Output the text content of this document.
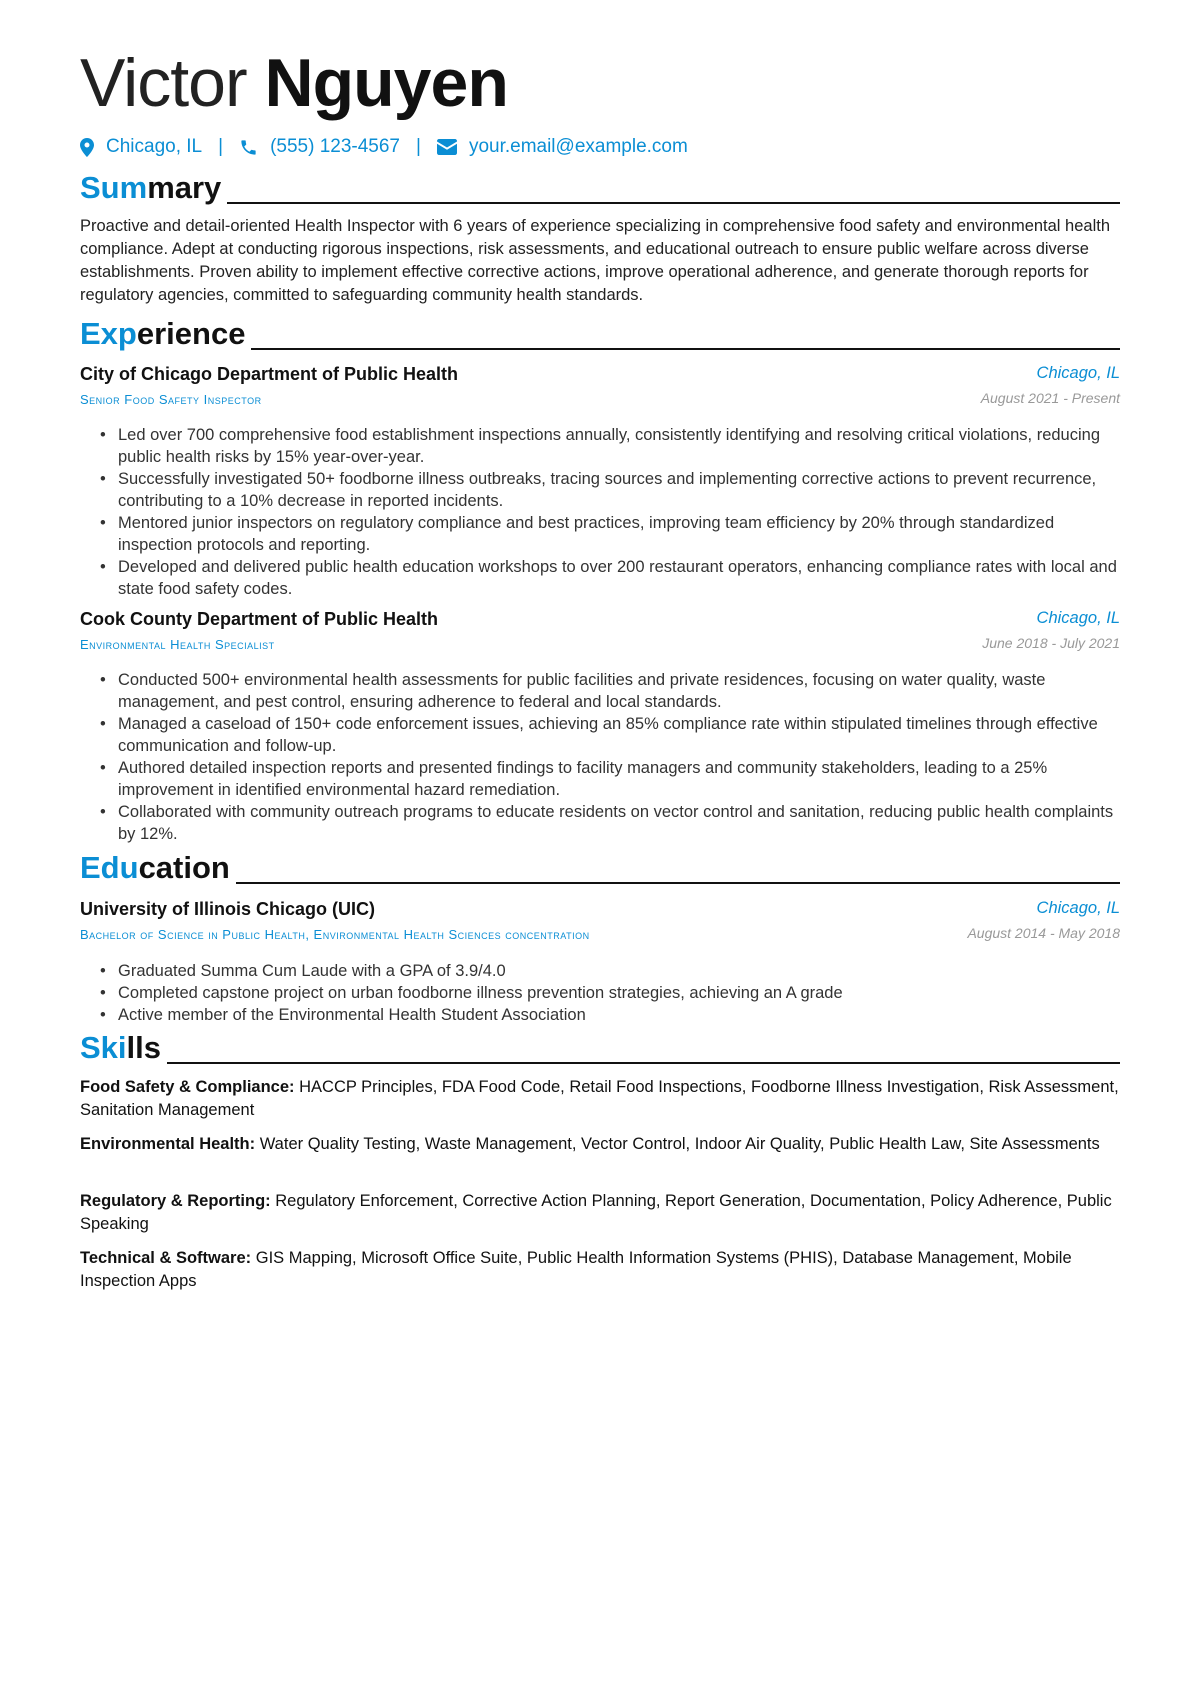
Victor Nguyen
Chicago, IL | (555) 123-4567 |	your.email@example.com
Summary

Proactive and detail-oriented Health Inspector with 6 years of experience specializing in comprehensive food safety and environmental health compliance. Adept at conducting rigorous inspections, risk assessments, and educational outreach to ensure public welfare across diverse establishments. Proven ability to implement effective corrective actions, improve operational adherence, and generate thorough reports for regulatory agencies, committed to safeguarding community health standards.

Experience
City of Chicago Department of Public Health	Chicago, IL
Senior Food Safety Inspector	August 2021 - Present
• Led over 700 comprehensive food establishment inspections annually, consistently identifying and resolving critical violations, reducing public health risks by 15% year-over-year.
• Successfully investigated 50+ foodborne illness outbreaks, tracing sources and implementing corrective actions to prevent recurrence, contributing to a 10% decrease in reported incidents.
• Mentored junior inspectors on regulatory compliance and best practices, improving team efficiency by 20% through standardized inspection protocols and reporting.
• Developed and delivered public health education workshops to over 200 restaurant operators, enhancing compliance rates with local and state food safety codes.
Cook County Department of Public Health	Chicago, IL
Environmental Health Specialist	June 2018 - July 2021
• Conducted 500+ environmental health assessments for public facilities and private residences, focusing on water quality, waste management, and pest control, ensuring adherence to federal and local standards.
• Managed a caseload of 150+ code enforcement issues, achieving an 85% compliance rate within stipulated timelines through effective communication and follow-up.
• Authored detailed inspection reports and presented findings to facility managers and community stakeholders, leading to a 25% improvement in identified environmental hazard remediation.
• Collaborated with community outreach programs to educate residents on vector control and sanitation, reducing public health complaints by 12%.
Education
University of Illinois Chicago (UIC)	Chicago, IL
Bachelor of Science in Public Health, Environmental Health Sciences concentration	August 2014 - May 2018
• Graduated Summa Cum Laude with a GPA of 3.9/4.0
• Completed capstone project on urban foodborne illness prevention strategies, achieving an A grade
• Active member of the Environmental Health Student Association
Skills
Food Safety & Compliance: HACCP Principles, FDA Food Code, Retail Food Inspections, Foodborne Illness Investigation, Risk Assessment, Sanitation Management
Environmental Health: Water Quality Testing, Waste Management, Vector Control, Indoor Air Quality, Public Health Law, Site Assessments
Regulatory & Reporting: Regulatory Enforcement, Corrective Action Planning, Report Generation, Documentation, Policy Adherence, Public Speaking
Technical & Software: GIS Mapping, Microsoft Office Suite, Public Health Information Systems (PHIS), Database Management, Mobile Inspection Apps
